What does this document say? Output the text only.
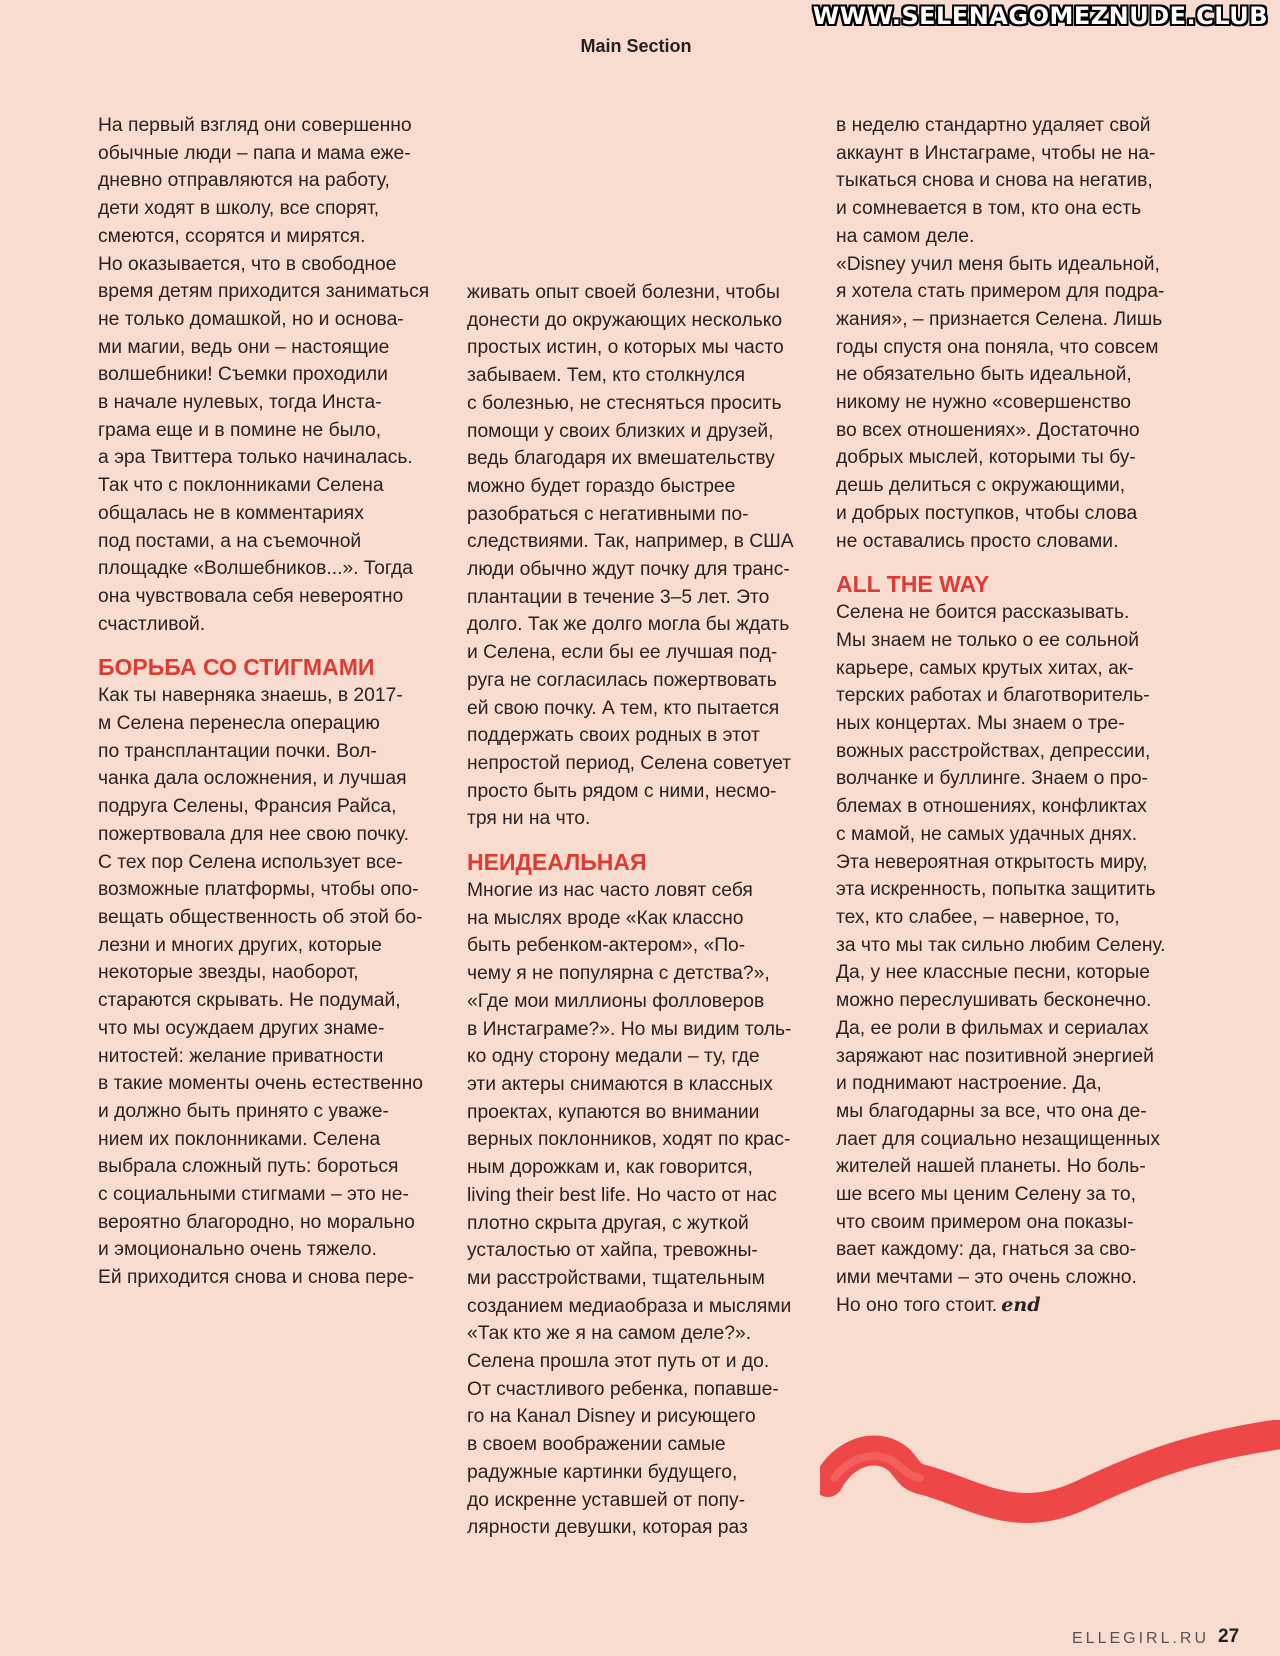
WWW.SELENAGOMEZNUDE.CLUB
Main Section
На первый взгляд они совершенно
обычные люди – папа и мама еже-
дневно отправляются на работу,
дети ходят в школу, все спорят,
смеются, ссорятся и мирятся.
Но оказывается, что в свободное
время детям приходится заниматься
не только домашкой, но и основа-
ми магии, ведь они – настоящие
волшебники! Съемки проходили
в начале нулевых, тогда Инста-
грама еще и в помине не было,
а эра Твиттера только начиналась.
Так что с поклонниками Селена
общалась не в комментариях
под постами, а на съемочной
площадке «Волшебников...». Тогда
она чувствовала себя невероятно
счастливой.
БОРЬБА СО СТИГМАМИ
Как ты наверняка знаешь, в 2017-
м Селена перенесла операцию
по трансплантации почки. Вол-
чанка дала осложнения, и лучшая
подруга Селены, Франсия Райса,
пожертвовала для нее свою почку.
С тех пор Селена использует все-
возможные платформы, чтобы опо-
вещать общественность об этой бо-
лезни и многих других, которые
некоторые звезды, наоборот,
стараются скрывать. Не подумай,
что мы осуждаем других знаме-
нитостей: желание приватности
в такие моменты очень естественно
и должно быть принято с уваже-
нием их поклонниками. Селена
выбрала сложный путь: бороться
с социальными стигмами – это не-
вероятно благородно, но морально
и эмоционально очень тяжело.
Ей приходится снова и снова пере-
живать опыт своей болезни, чтобы
донести до окружающих несколько
простых истин, о которых мы часто
забываем. Тем, кто столкнулся
с болезнью, не стесняться просить
помощи у своих близких и друзей,
ведь благодаря их вмешательству
можно будет гораздо быстрее
разобраться с негативными по-
следствиями. Так, например, в США
люди обычно ждут почку для транс-
плантации в течение 3–5 лет. Это
долго. Так же долго могла бы ждать
и Селена, если бы ее лучшая под-
руга не согласилась пожертвовать
ей свою почку. А тем, кто пытается
поддержать своих родных в этот
непростой период, Селена советует
просто быть рядом с ними, несмо-
тря ни на что.
НЕИДЕАЛЬНАЯ
Многие из нас часто ловят себя
на мыслях вроде «Как классно
быть ребенком-актером», «По-
чему я не популярна с детства?»,
«Где мои миллионы фолловеров
в Инстаграме?». Но мы видим толь-
ко одну сторону медали – ту, где
эти актеры снимаются в классных
проектах, купаются во внимании
верных поклонников, ходят по крас-
ным дорожкам и, как говорится,
living their best life. Но часто от нас
плотно скрыта другая, с жуткой
усталостью от хайпа, тревожны-
ми расстройствами, тщательным
созданием медиаобраза и мыслями
«Так кто же я на самом деле?».
Селена прошла этот путь от и до.
От счастливого ребенка, попавше-
го на Канал Disney и рисующего
в своем воображении самые
радужные картинки будущего,
до искренне уставшей от попу-
лярности девушки, которая раз
в неделю стандартно удаляет свой
аккаунт в Инстаграме, чтобы не на-
тыкаться снова и снова на негатив,
и сомневается в том, кто она есть
на самом деле.
«Disney учил меня быть идеальной,
я хотела стать примером для подра-
жания», – признается Селена. Лишь
годы спустя она поняла, что совсем
не обязательно быть идеальной,
никому не нужно «совершенство
во всех отношениях». Достаточно
добрых мыслей, которыми ты бу-
дешь делиться с окружающими,
и добрых поступков, чтобы слова
не оставались просто словами.
ALL THE WAY
Селена не боится рассказывать.
Мы знаем не только о ее сольной
карьере, самых крутых хитах, ак-
терских работах и благотворитель-
ных концертах. Мы знаем о тре-
вожных расстройствах, депрессии,
волчанке и буллинге. Знаем о про-
блемах в отношениях, конфликтах
с мамой, не самых удачных днях.
Эта невероятная открытость миру,
эта искренность, попытка защитить
тех, кто слабее, – наверное, то,
за что мы так сильно любим Селену.
Да, у нее классные песни, которые
можно переслушивать бесконечно.
Да, ее роли в фильмах и сериалах
заряжают нас позитивной энергией
и поднимают настроение. Да,
мы благодарны за все, что она де-
лает для социально незащищенных
жителей нашей планеты. Но боль-
ше всего мы ценим Селену за то,
что своим примером она показы-
вает каждому: да, гнаться за сво-
ими мечтами – это очень сложно.
Но оно того стоит. end
ELLEGIRL.RU 27
